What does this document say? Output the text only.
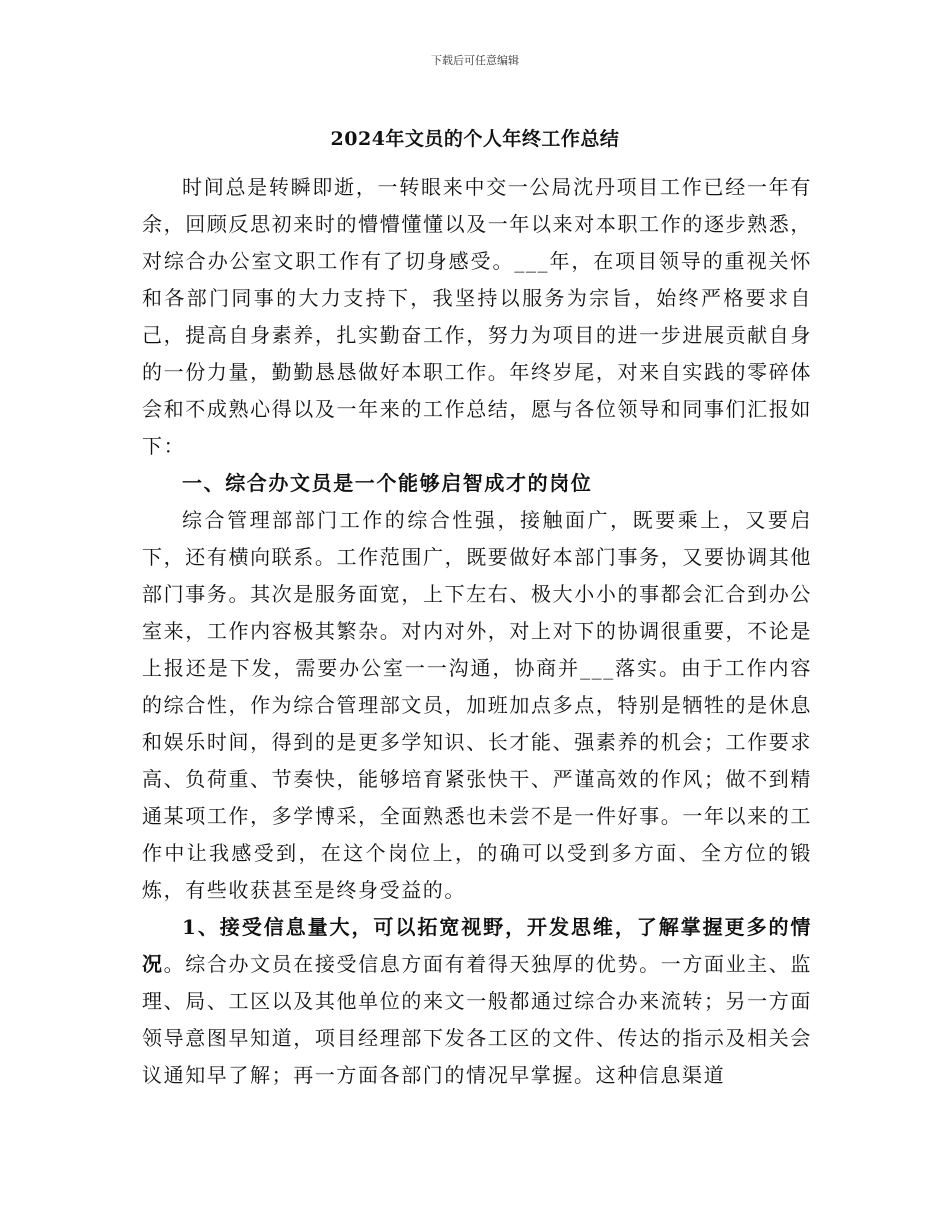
下载后可任意编辑
2024年文员的个人年终工作总结

时间总是转瞬即逝，一转眼来中交一公局沈丹项目工作已经一年有余，回顾反思初来时的懵懵懂懂以及一年以来对本职工作的逐步熟悉，对综合办公室文职工作有了切身感受。___年，在项目领导的重视关怀和各部门同事的大力支持下，我坚持以服务为宗旨，始终严格要求自己，提高自身素养，扎实勤奋工作，努力为项目的进一步进展贡献自身的一份力量，勤勤恳恳做好本职工作。年终岁尾，对来自实践的零碎体会和不成熟心得以及一年来的工作总结，愿与各位领导和同事们汇报如下：

一、综合办文员是一个能够启智成才的岗位

综合管理部部门工作的综合性强，接触面广，既要乘上，又要启下，还有横向联系。工作范围广，既要做好本部门事务，又要协调其他部门事务。其次是服务面宽，上下左右、极大小小的事都会汇合到办公室来，工作内容极其繁杂。对内对外，对上对下的协调很重要，不论是上报还是下发，需要办公室一一沟通，协商并___落实。由于工作内容的综合性，作为综合管理部文员，加班加点多点，特别是牺牲的是休息和娱乐时间，得到的是更多学知识、长才能、强素养的机会；工作要求高、负荷重、节奏快，能够培育紧张快干、严谨高效的作风；做不到精通某项工作，多学博采，全面熟悉也未尝不是一件好事。一年以来的工作中让我感受到，在这个岗位上，的确可以受到多方面、全方位的锻炼，有些收获甚至是终身受益的。

1、接受信息量大，可以拓宽视野，开发思维，了解掌握更多的情况。综合办文员在接受信息方面有着得天独厚的优势。一方面业主、监理、局、工区以及其他单位的来文一般都通过综合办来流转；另一方面领导意图早知道，项目经理部下发各工区的文件、传达的指示及相关会议通知早了解；再一方面各部门的情况早掌握。这种信息渠道
